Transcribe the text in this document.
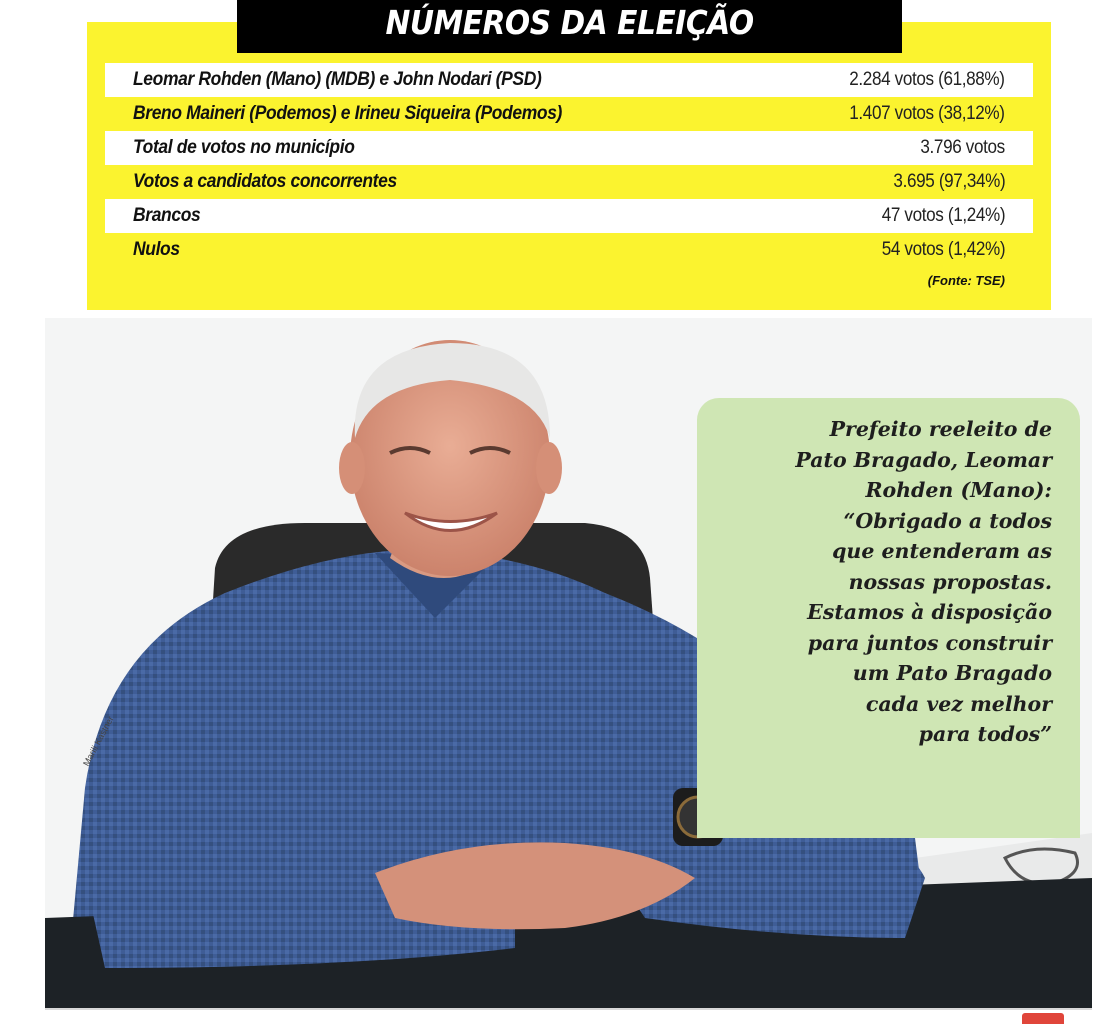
NÚMEROS DA ELEIÇÃO
Leomar Rohden (Mano) (MDB) e John Nodari (PSD)	2.284 votos (61,88%)
Breno Maineri (Podemos) e Irineu Siqueira (Podemos)	1.407 votos (38,12%)
Total de votos no município	3.796 votos
Votos a candidatos concorrentes	3.695 (97,34%)
Brancos	47 votos (1,24%)
Nulos	54 votos (1,42%)
(Fonte: TSE)
Marili Kastner
Prefeito reeleito de
Pato Bragado, Leomar
Rohden (Mano):
“Obrigado a todos
que entenderam as
nossas propostas.
Estamos à disposição
para juntos construir
um Pato Bragado
cada vez melhor
para todos”
